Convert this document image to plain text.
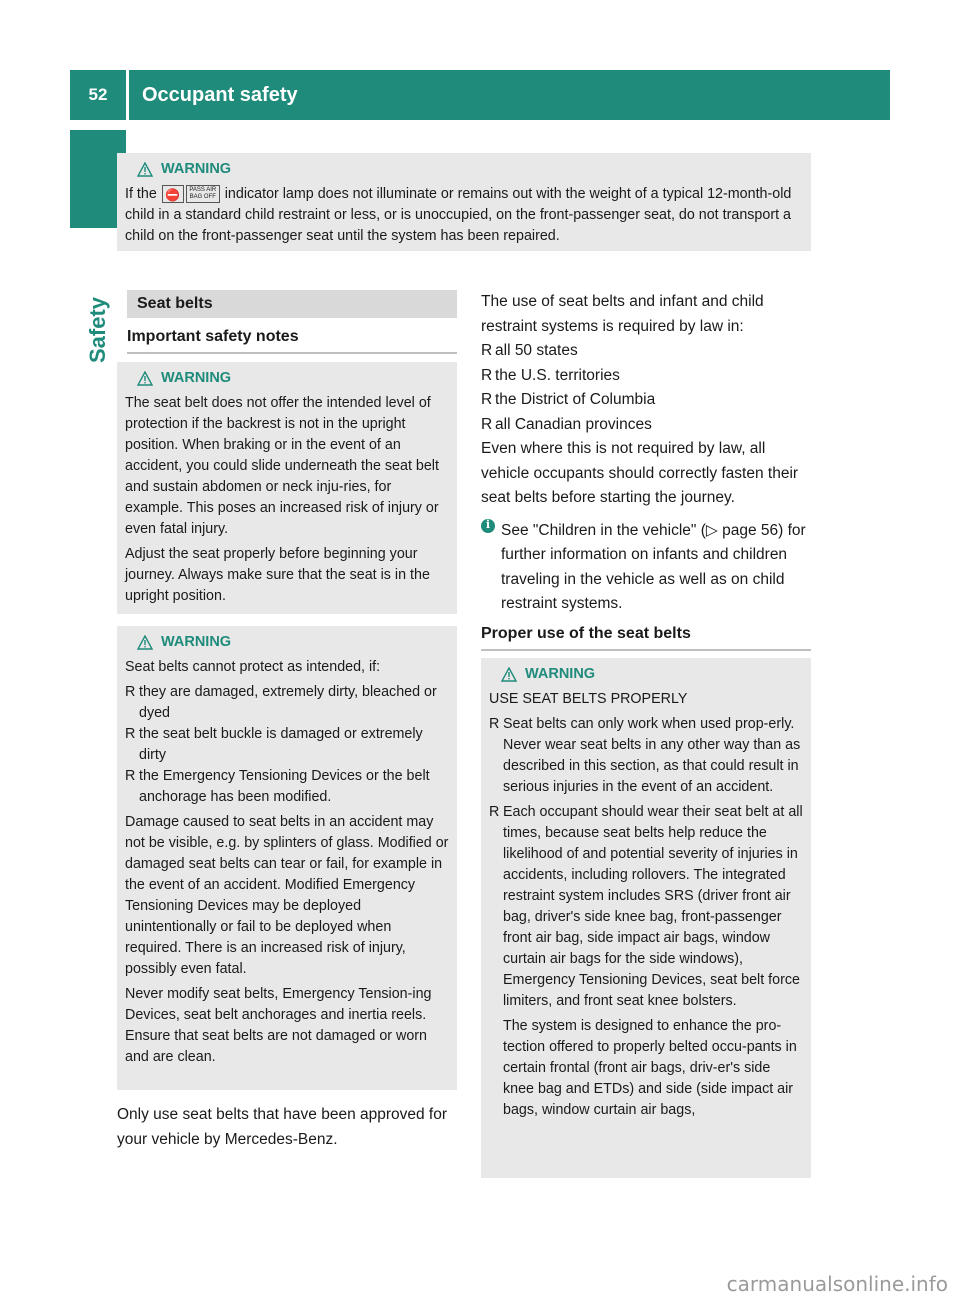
52	Occupant safety
Safety
WARNING
If the ⛔ PASS AIR BAG OFF indicator lamp does not illuminate or remains out with the weight of a typical 12-month-old child in a standard child restraint or less, or is unoccupied, on the front-passenger seat, do not transport a child on the front-passenger seat until the system has been repaired.
Seat belts
Important safety notes
WARNING
The seat belt does not offer the intended level of protection if the backrest is not in the upright position. When braking or in the event of an accident, you could slide underneath the seat belt and sustain abdomen or neck inju-ries, for example. This poses an increased risk of injury or even fatal injury.
Adjust the seat properly before beginning your journey. Always make sure that the seat is in the upright position.
WARNING
Seat belts cannot protect as intended, if:
R they are damaged, extremely dirty, bleached or dyed
R the seat belt buckle is damaged or extremely dirty
R the Emergency Tensioning Devices or the belt anchorage has been modified.
Damage caused to seat belts in an accident may not be visible, e.g. by splinters of glass. Modified or damaged seat belts can tear or fail, for example in the event of an accident. Modified Emergency Tensioning Devices may be deployed unintentionally or fail to be deployed when required. There is an increased risk of injury, possibly even fatal.
Never modify seat belts, Emergency Tension-ing Devices, seat belt anchorages and inertia reels. Ensure that seat belts are not damaged or worn and are clean.
Only use seat belts that have been approved for your vehicle by Mercedes-Benz.
The use of seat belts and infant and child restraint systems is required by law in:
R all 50 states
R the U.S. territories
R the District of Columbia
R all Canadian provinces
Even where this is not required by law, all vehicle occupants should correctly fasten their seat belts before starting the journey.
i See "Children in the vehicle" (▷ page 56) for further information on infants and children traveling in the vehicle as well as on child restraint systems.
Proper use of the seat belts
WARNING
USE SEAT BELTS PROPERLY
R Seat belts can only work when used prop-erly. Never wear seat belts in any other way than as described in this section, as that could result in serious injuries in the event of an accident.
R Each occupant should wear their seat belt at all times, because seat belts help reduce the likelihood of and potential severity of injuries in accidents, including rollovers. The integrated restraint system includes SRS (driver front air bag, driver's side knee bag, front-passenger front air bag, side impact air bags, window curtain air bags for the side windows), Emergency Tensioning Devices, seat belt force limiters, and front seat knee bolsters.
The system is designed to enhance the pro-tection offered to properly belted occu-pants in certain frontal (front air bags, driv-er's side knee bag and ETDs) and side (side impact air bags, window curtain air bags,
carmanualsonline.info
